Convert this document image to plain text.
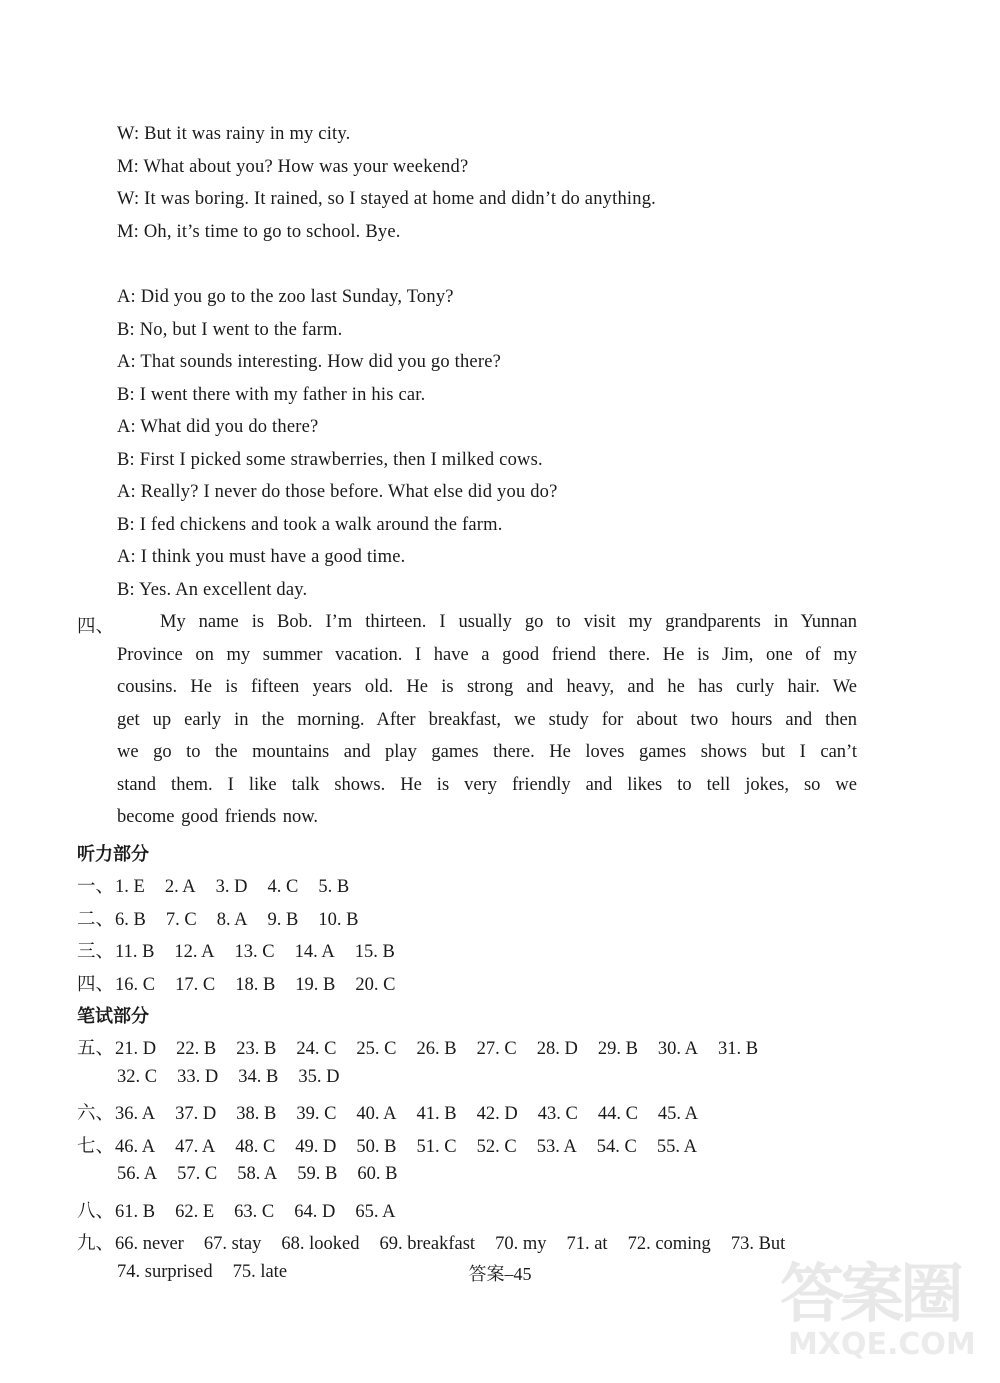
W: But it was rainy in my city.
M: What about you? How was your weekend?
W: It was boring. It rained, so I stayed at home and didn’t do anything.
M: Oh, it’s time to go to school. Bye.
A: Did you go to the zoo last Sunday, Tony?
B: No, but I went to the farm.
A: That sounds interesting. How did you go there?
B: I went there with my father in his car.
A: What did you do there?
B: First I picked some strawberries, then I milked cows.
A: Really? I never do those before. What else did you do?
B: I fed chickens and took a walk around the farm.
A: I think you must have a good time.
B: Yes. An excellent day.
四、 My name is Bob. I’m thirteen. I usually go to visit my grandparents in Yunnan
Province on my summer vacation. I have a good friend there. He is Jim, one of my
cousins. He is fifteen years old. He is strong and heavy, and he has curly hair. We
get up early in the morning. After breakfast, we study for about two hours and then
we go to the mountains and play games there. He loves games shows but I can’t
stand them. I like talk shows. He is very friendly and likes to tell jokes, so we
become good friends now.
听力部分
一、1. E 2. A 3. D 4. C 5. B
二、6. B 7. C 8. A 9. B 10. B
三、11. B 12. A 13. C 14. A 15. B
四、16. C 17. C 18. B 19. B 20. C
笔试部分
五、21. D 22. B 23. B 24. C 25. C 26. B 27. C 28. D 29. B 30. A 31. B
32. C 33. D 34. B 35. D
六、36. A 37. D 38. B 39. C 40. A 41. B 42. D 43. C 44. C 45. A
七、46. A 47. A 48. C 49. D 50. B 51. C 52. C 53. A 54. C 55. A
56. A 57. C 58. A 59. B 60. B
八、61. B 62. E 63. C 64. D 65. A
九、66. never 67. stay 68. looked 69. breakfast 70. my 71. at 72. coming 73. But
74. surprised 75. late	答案–45	答案圈
MXQE.COM
